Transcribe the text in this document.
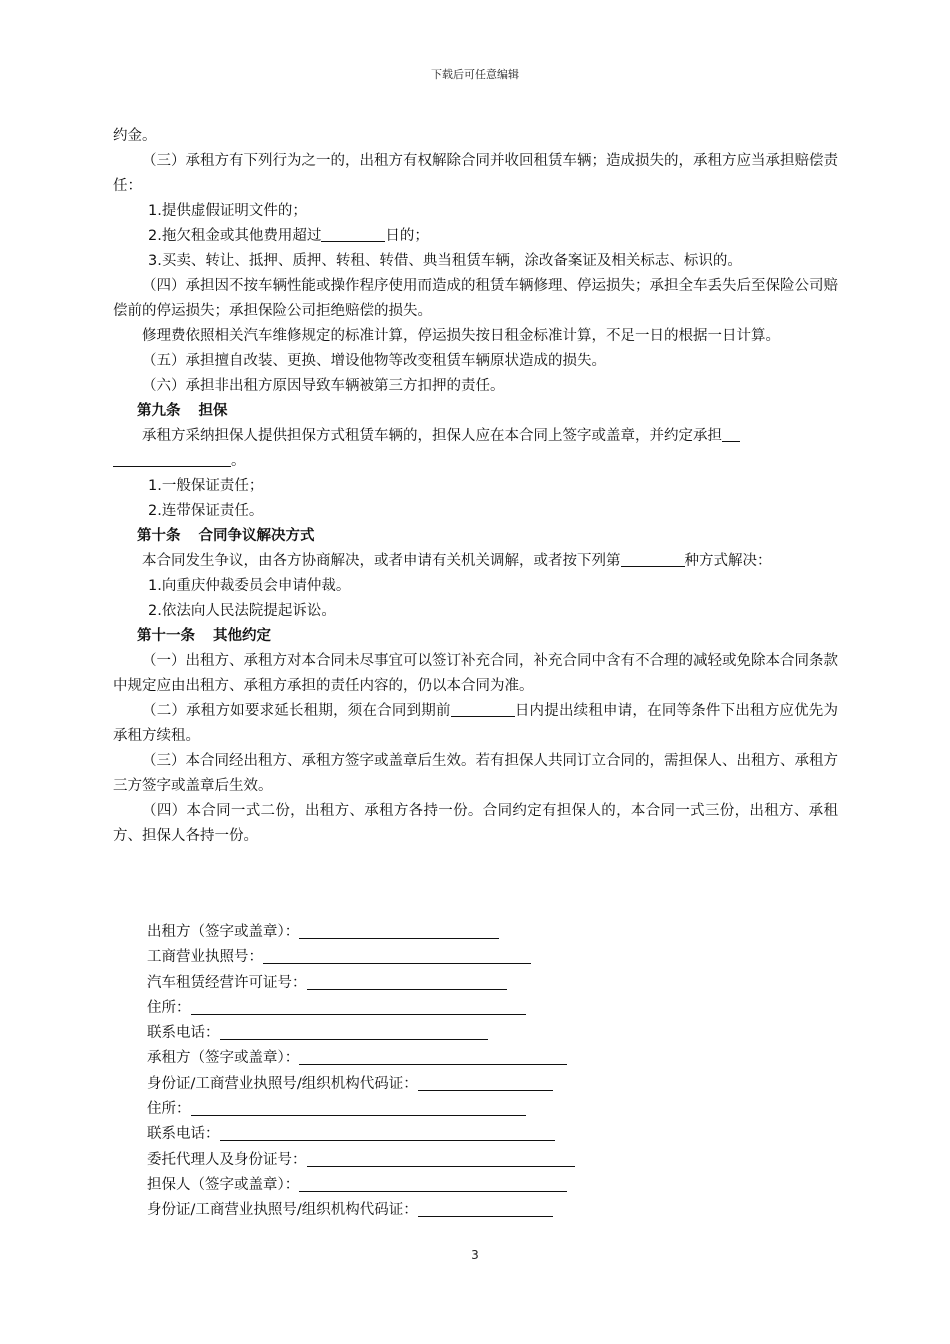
下载后可任意编辑

约金。

（三）承租方有下列行为之一的，出租方有权解除合同并收回租赁车辆；造成损失的，承租方应当承担赔偿责任：

1.提供虚假证明文件的；

2.拖欠租金或其他费用超过	日的；

3.买卖、转让、抵押、质押、转租、转借、典当租赁车辆，涂改备案证及相关标志、标识的。

（四）承担因不按车辆性能或操作程序使用而造成的租赁车辆修理、停运损失；承担全车丢失后至保险公司赔偿前的停运损失；承担保险公司拒绝赔偿的损失。

修理费依照相关汽车维修规定的标准计算，停运损失按日租金标准计算，不足一日的根据一日计算。

（五）承担擅自改装、更换、增设他物等改变租赁车辆原状造成的损失。

（六）承担非出租方原因导致车辆被第三方扣押的责任。

第九条 担保

承租方采纳担保人提供担保方式租赁车辆的，担保人应在本合同上签字或盖章，并约定承担
。

1.一般保证责任；

2.连带保证责任。

第十条 合同争议解决方式

本合同发生争议，由各方协商解决，或者申请有关机关调解，或者按下列第	种方式解决：

1.向重庆仲裁委员会申请仲裁。

2.依法向人民法院提起诉讼。

第十一条 其他约定

（一）出租方、承租方对本合同未尽事宜可以签订补充合同，补充合同中含有不合理的减轻或免除本合同条款中规定应由出租方、承租方承担的责任内容的，仍以本合同为准。

（二）承租方如要求延长租期，须在合同到期前	日内提出续租申请，在同等条件下出租方应优先为承租方续租。

（三）本合同经出租方、承租方签字或盖章后生效。若有担保人共同订立合同的，需担保人、出租方、承租方三方签字或盖章后生效。

（四）本合同一式二份，出租方、承租方各持一份。合同约定有担保人的，本合同一式三份，出租方、承租方、担保人各持一份。

出租方（签字或盖章）：

工商营业执照号：

汽车租赁经营许可证号：

住所：

联系电话：

承租方（签字或盖章）：

身份证/工商营业执照号/组织机构代码证：

住所：

联系电话：

委托代理人及身份证号：

担保人（签字或盖章）：

身份证/工商营业执照号/组织机构代码证：

3
